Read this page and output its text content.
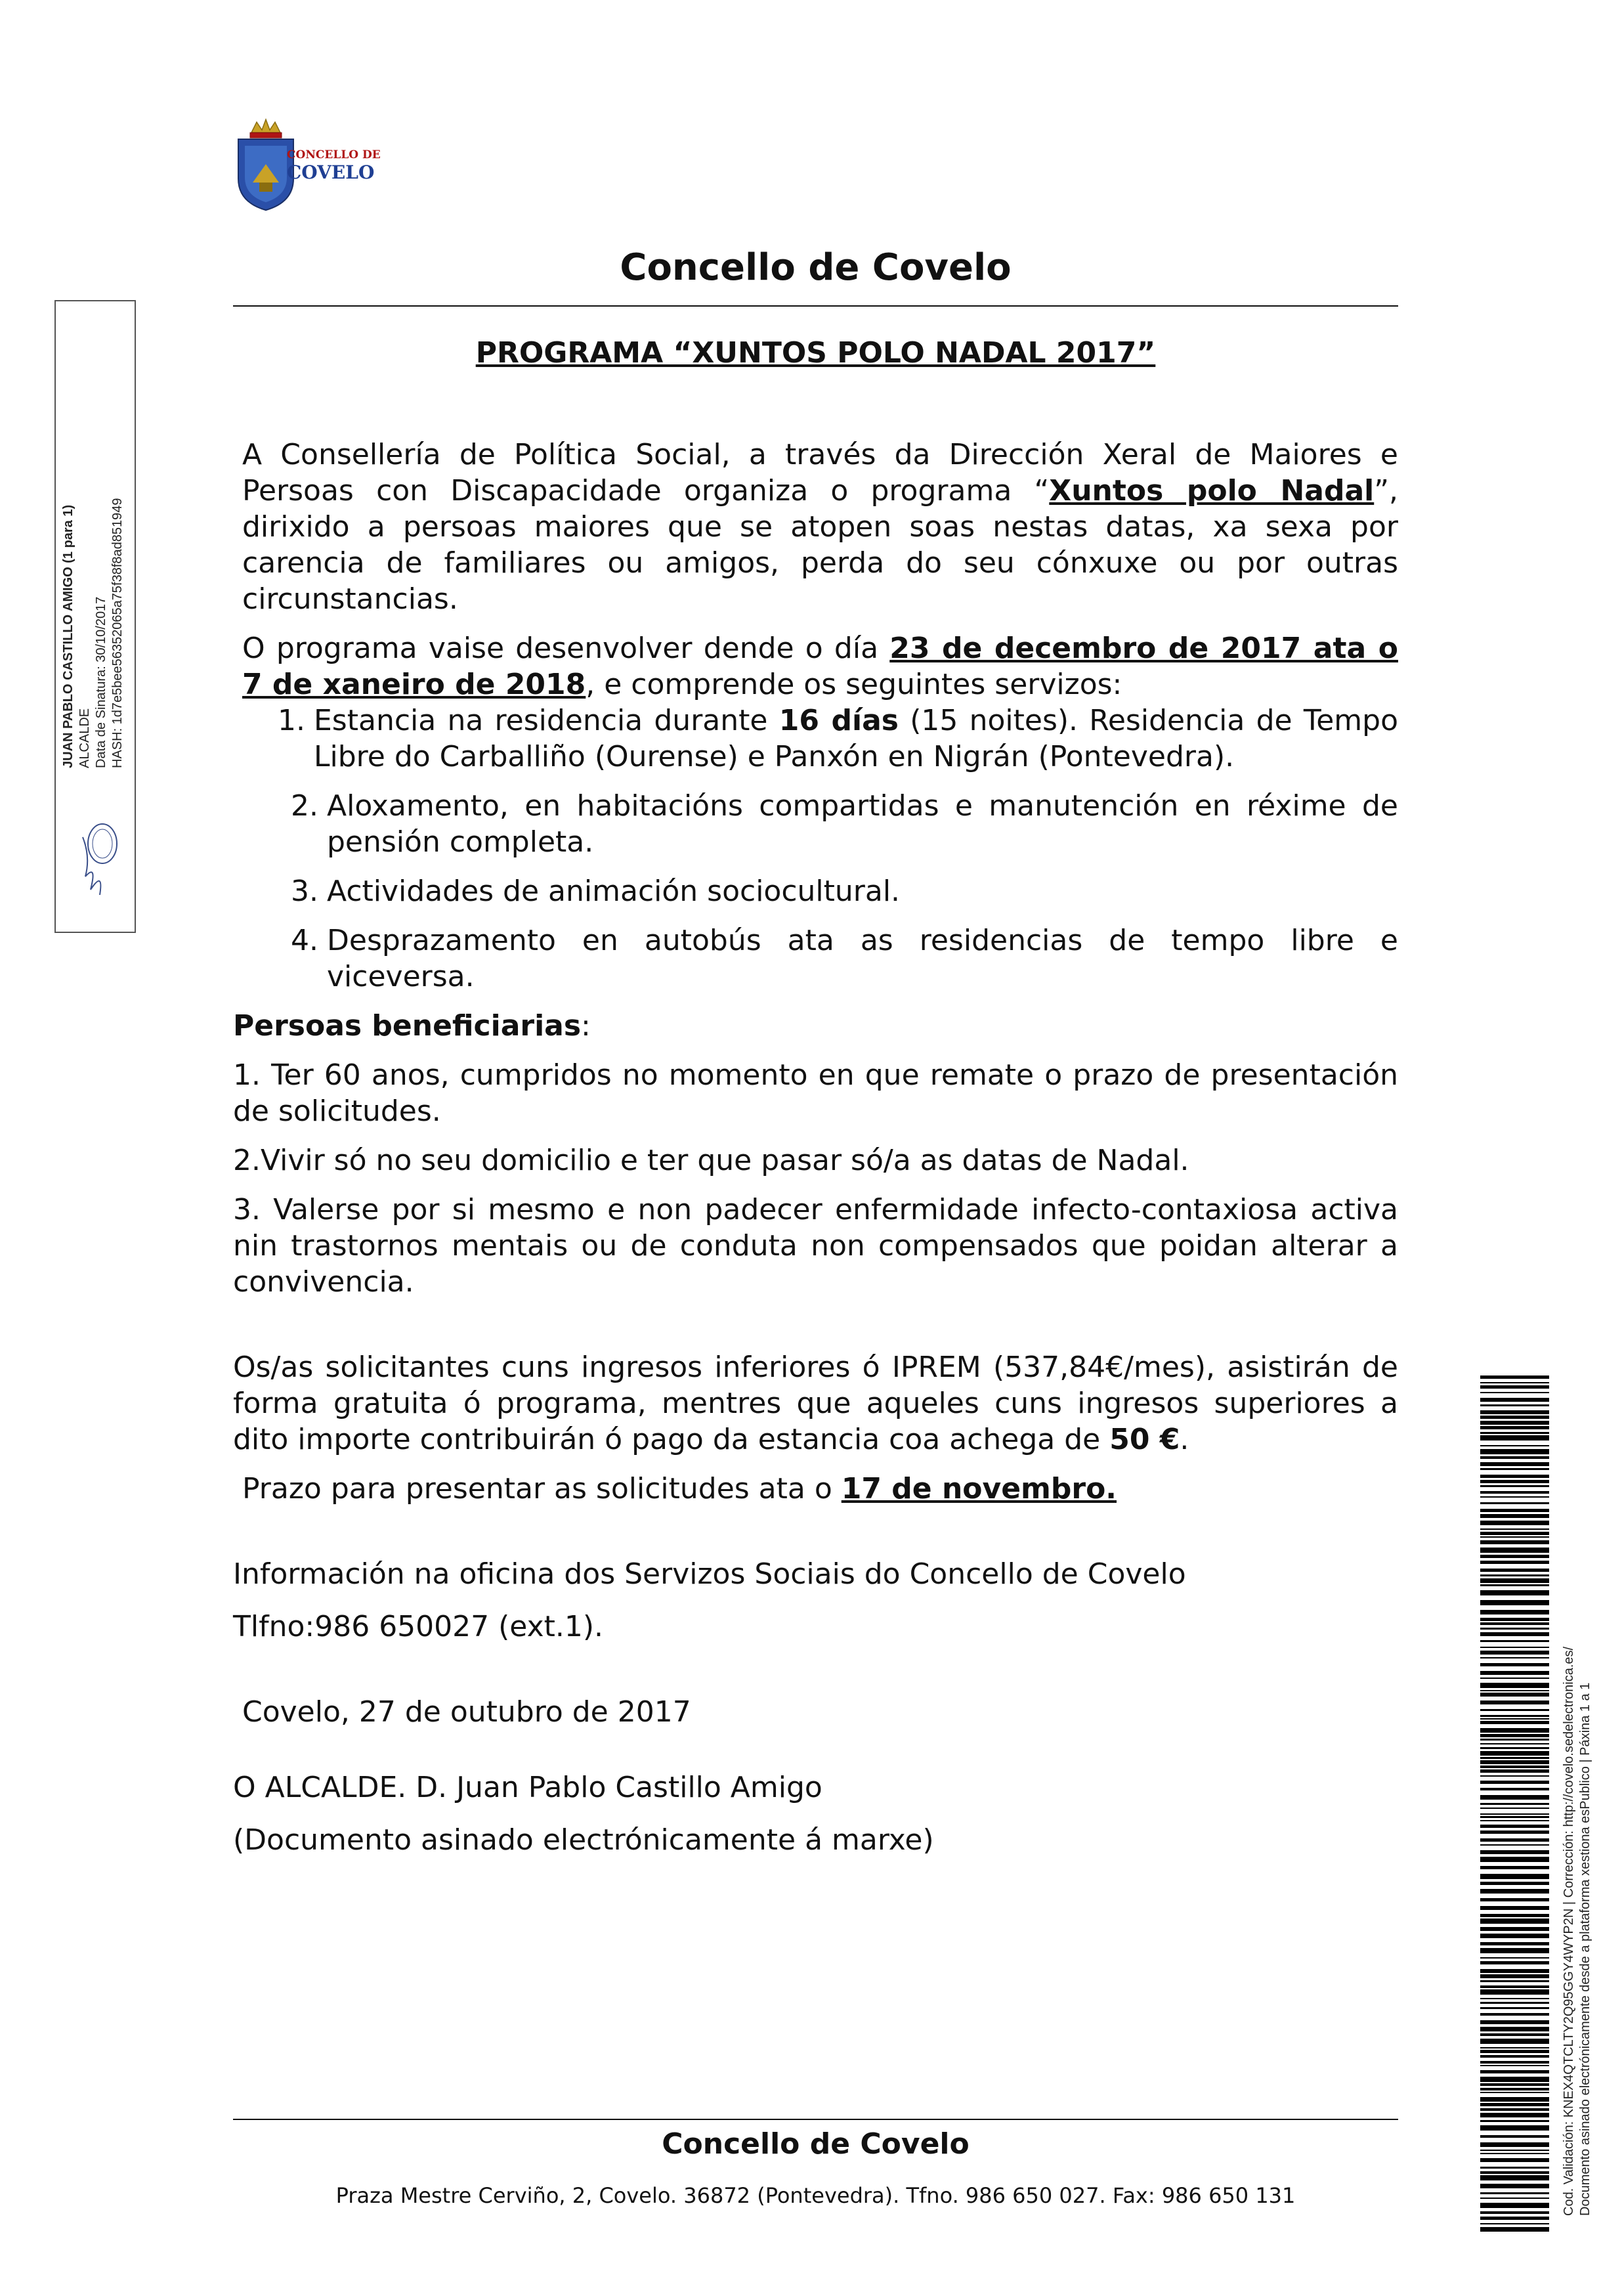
CONCELLO DE
COVELO
Concello de Covelo
PROGRAMA “XUNTOS POLO NADAL 2017”

A Consellería de Política Social, a través da Dirección Xeral de Maiores e Persoas con Discapacidade organiza o programa “Xuntos polo Nadal”, dirixido a persoas maiores que se atopen soas nestas datas, xa sexa por carencia de familiares ou amigos, perda do seu cónxuxe ou por outras circunstancias.

O programa vaise desenvolver dende o día 23 de decembro de 2017 ata o 7 de xaneiro de 2018, e comprende os seguintes servizos:

1. Estancia na residencia durante 16 días (15 noites). Residencia de Tempo Libre do Carballiño (Ourense) e Panxón en Nigrán (Pontevedra).
2. Aloxamento, en habitacións compartidas e manutención en réxime de pensión completa.
3. Actividades de animación sociocultural.
4. Desprazamento en autobús ata as residencias de tempo libre e viceversa.

Persoas beneficiarias:

1. Ter 60 anos, cumpridos no momento en que remate o prazo de presentación de solicitudes.

2.Vivir só no seu domicilio e ter que pasar só/a as datas de Nadal.

3. Valerse por si mesmo e non padecer enfermidade infecto-contaxiosa activa nin trastornos mentais ou de conduta non compensados que poidan alterar a convivencia.

Os/as solicitantes cuns ingresos inferiores ó IPREM (537,84€/mes), asistirán de forma gratuita ó programa, mentres que aqueles cuns ingresos superiores a dito importe contribuirán ó pago da estancia coa achega de 50 €.

Prazo para presentar as solicitudes ata o 17 de novembro.

Información na oficina dos Servizos Sociais do Concello de Covelo

Tlfno:986 650027 (ext.1).

Covelo, 27 de outubro de 2017

O ALCALDE. D. Juan Pablo Castillo Amigo

(Documento asinado electrónicamente á marxe)

Concello de Covelo
Praza Mestre Cerviño, 2, Covelo. 36872 (Pontevedra). Tfno. 986 650 027. Fax: 986 650 131
JUAN PABLO CASTILLO AMIGO (1 para 1) ALCALDE Data de Sinatura: 30/10/2017 HASH: 1d7e5bee56352065a75f38f8ad851949
Cod. Validación: KNEX4QTCLTY2Q95GGY4WYP2N | Corrección: http://covelo.sedelectronica.es/ Documento asinado electrónicamente desde a plataforma xestiona esPublico | Páxina 1 a 1
